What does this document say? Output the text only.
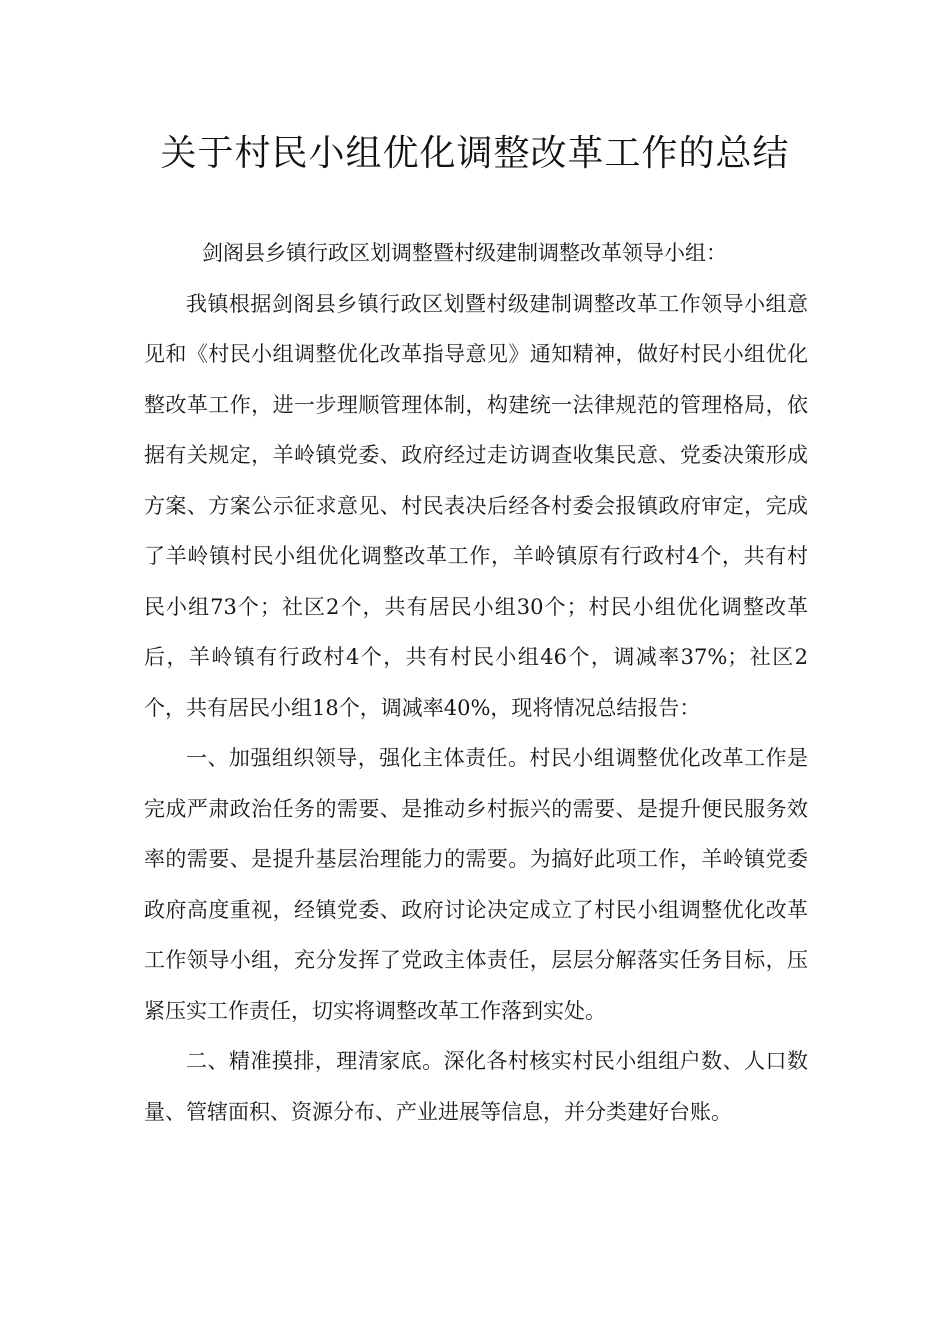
关于村民小组优化调整改革工作的总结

剑阁县乡镇行政区划调整暨村级建制调整改革领导小组：

我镇根据剑阁县乡镇行政区划暨村级建制调整改革工作领导小组意见和《村民小组调整优化改革指导意见》通知精神，做好村民小组优化整改革工作，进一步理顺管理体制，构建统一法律规范的管理格局，依据有关规定，羊岭镇党委、政府经过走访调查收集民意、党委决策形成方案、方案公示征求意见、村民表决后经各村委会报镇政府审定，完成了羊岭镇村民小组优化调整改革工作，羊岭镇原有行政村4个，共有村民小组73个；社区2个，共有居民小组30个；村民小组优化调整改革后，羊岭镇有行政村4个，共有村民小组46个，调减率37%；社区2个，共有居民小组18个，调减率40%，现将情况总结报告：

一、加强组织领导，强化主体责任。村民小组调整优化改革工作是完成严肃政治任务的需要、是推动乡村振兴的需要、是提升便民服务效率的需要、是提升基层治理能力的需要。为搞好此项工作，羊岭镇党委政府高度重视，经镇党委、政府讨论决定成立了村民小组调整优化改革工作领导小组，充分发挥了党政主体责任，层层分解落实任务目标，压紧压实工作责任，切实将调整改革工作落到实处。

二、精准摸排，理清家底。深化各村核实村民小组组户数、人口数量、管辖面积、资源分布、产业进展等信息，并分类建好台账。
